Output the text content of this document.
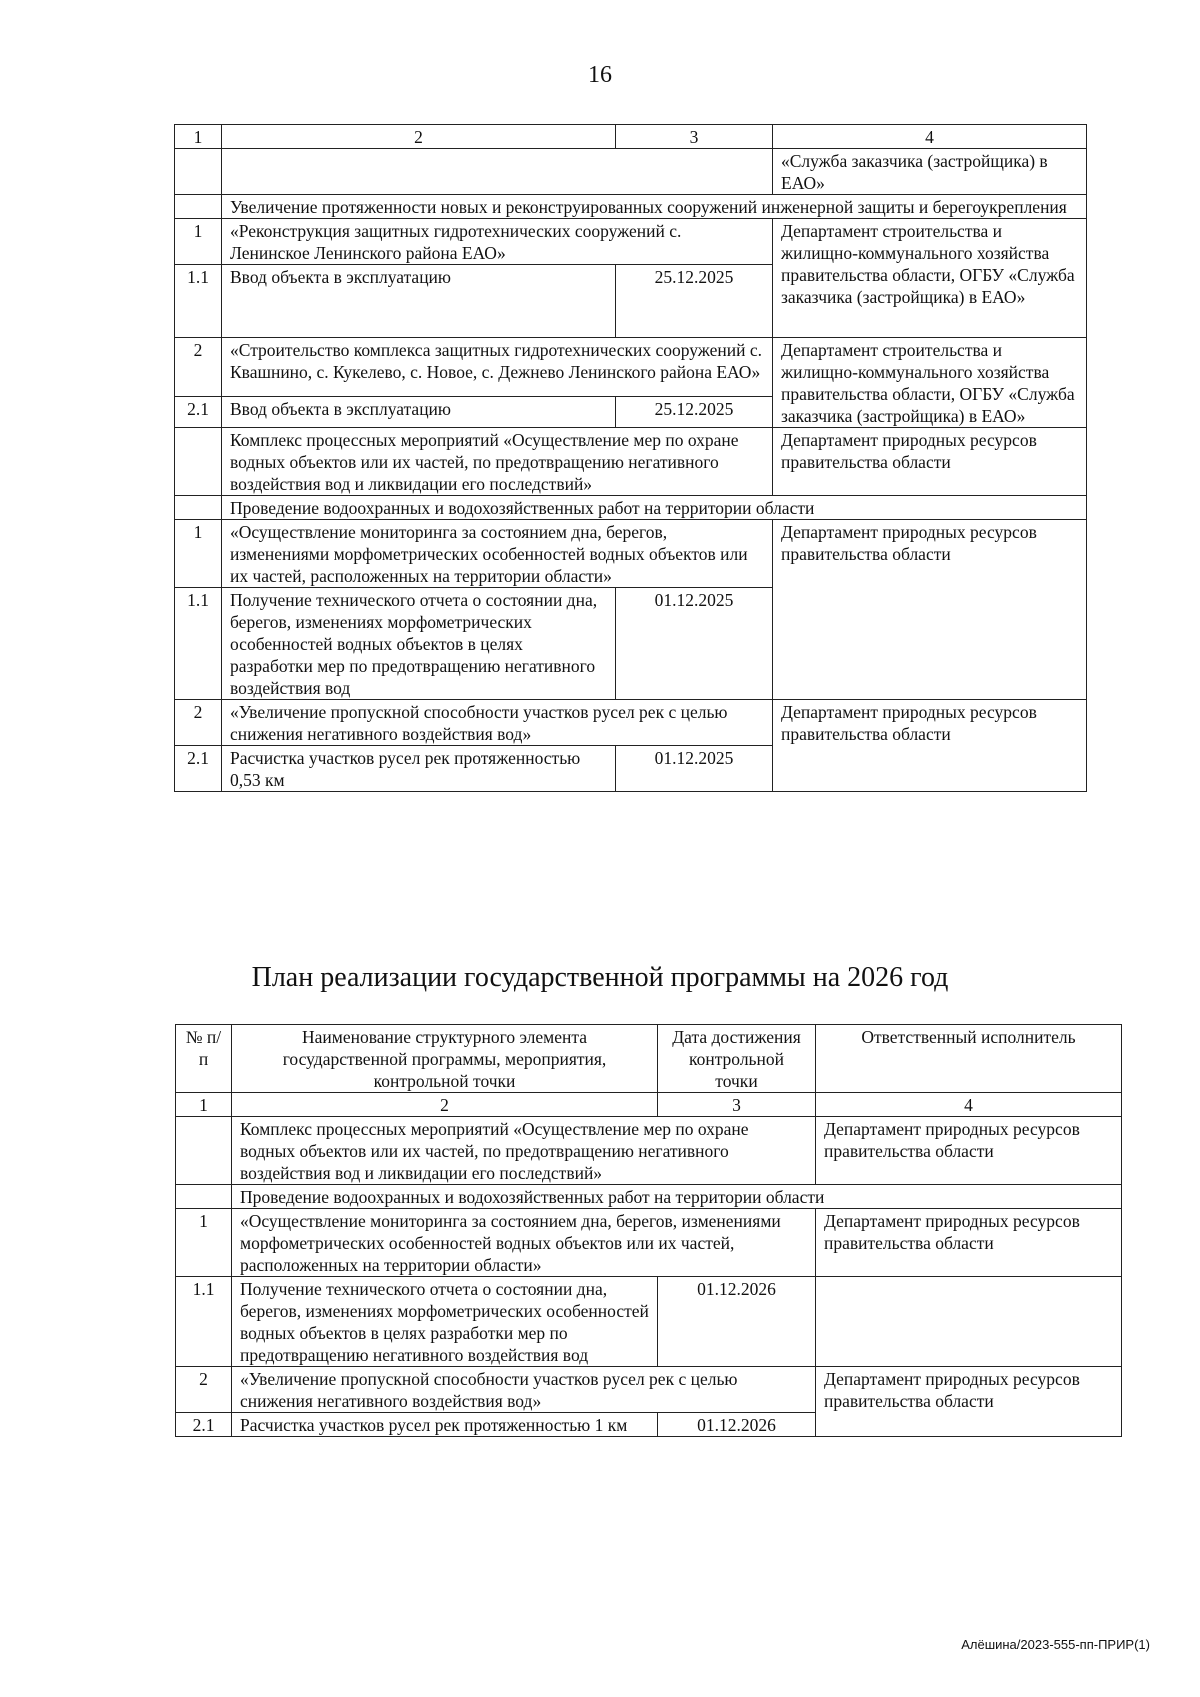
16
1	2	3	4
			«Служба заказчика (застройщика) в ЕАО»
	Увеличение протяженности новых и реконструированных сооружений инженерной защиты и берегоукрепления		
1	«Реконструкция защитных гидротехнических сооружений с. Ленинское Ленинского района ЕАО»		Департамент строительства и жилищно-коммунального хозяйства правительства области, ОГБУ «Служба заказчика (застройщика) в ЕАО»
1.1	Ввод объекта в эксплуатацию	25.12.2025	
2	«Строительство комплекса защитных гидротехнических сооружений с. Квашнино, с. Кукелево, с. Новое, с. Дежнево Ленинского района ЕАО»		Департамент строительства и жилищно-коммунального хозяйства правительства области, ОГБУ «Служба заказчика (застройщика) в ЕАО»
2.1	Ввод объекта в эксплуатацию	25.12.2025	
	Комплекс процессных мероприятий «Осуществление мер по охране водных объектов или их частей, по предотвращению негативного воздействия вод и ликвидации его последствий»		Департамент природных ресурсов правительства области
	Проведение водоохранных и водохозяйственных работ на территории области		
1	«Осуществление мониторинга за состоянием дна, берегов, изменениями морфометрических особенностей водных объектов или их частей, расположенных на территории области»		Департамент природных ресурсов правительства области
1.1	Получение технического отчета о состоянии дна, берегов, изменениях морфометрических особенностей водных объектов в целях разработки мер по предотвращению негативного воздействия вод	01.12.2025	
2	«Увеличение пропускной способности участков русел рек с целью снижения негативного воздействия вод»		Департамент природных ресурсов правительства области
2.1	Расчистка участков русел рек протяженностью 0,53 км	01.12.2025	
План реализации государственной программы на 2026 год
№ п/п	Наименование структурного элемента государственной программы, мероприятия, контрольной точки	Дата достижения контрольной точки	Ответственный исполнитель
1	2	3	4
	Комплекс процессных мероприятий «Осуществление мер по охране водных объектов или их частей, по предотвращению негативного воздействия вод и ликвидации его последствий»		Департамент природных ресурсов правительства области
	Проведение водоохранных и водохозяйственных работ на территории области		
1	«Осуществление мониторинга за состоянием дна, берегов, изменениями морфометрических особенностей водных объектов или их частей, расположенных на территории области»		Департамент природных ресурсов правительства области
1.1	Получение технического отчета о состоянии дна, берегов, изменениях морфометрических особенностей водных объектов в целях разработки мер по предотвращению негативного воздействия вод	01.12.2026	
2	«Увеличение пропускной способности участков русел рек с целью снижения негативного воздействия вод»		Департамент природных ресурсов правительства области
2.1	Расчистка участков русел рек протяженностью 1 км	01.12.2026	
Алёшина/2023-555-пп-ПРИР(1)
